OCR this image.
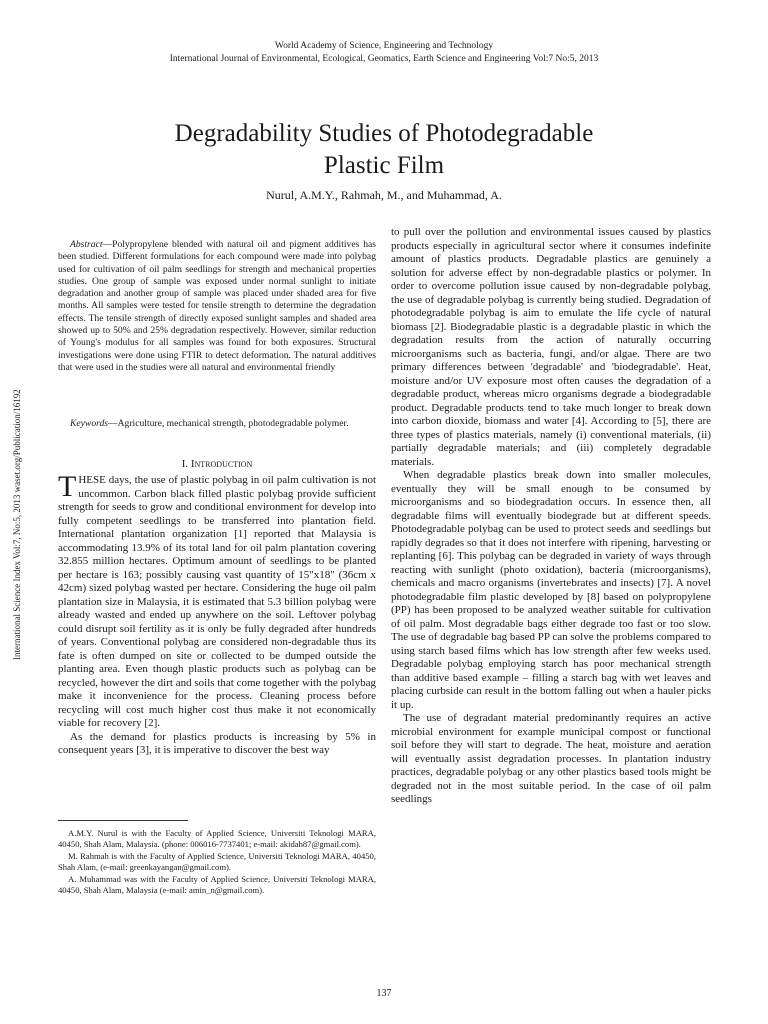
World Academy of Science, Engineering and Technology
International Journal of Environmental, Ecological, Geomatics, Earth Science and Engineering Vol:7 No:5, 2013
Degradability Studies of Photodegradable
Plastic Film
Nurul, A.M.Y., Rahmah, M., and Muhammad, A.
International Science Index Vol:7, No:5, 2013 waset.org/Publication/16192
Abstract—Polypropylene blended with natural oil and pigment additives has been studied. Different formulations for each compound were made into polybag used for cultivation of oil palm seedlings for strength and mechanical properties studies. One group of sample was exposed under normal sunlight to initiate degradation and another group of sample was placed under shaded area for five months. All samples were tested for tensile strength to determine the degradation effects. The tensile strength of directly exposed sunlight samples and shaded area showed up to 50% and 25% degradation respectively. However, similar reduction of Young's modulus for all samples was found for both exposures. Structural investigations were done using FTIR to detect deformation. The natural additives that were used in the studies were all natural and environmental friendly
Keywords—Agriculture, mechanical strength, photodegradable polymer.
I. Introduction

THESE days, the use of plastic polybag in oil palm cultivation is not uncommon. Carbon black filled plastic polybag provide sufficient strength for seeds to grow and conditional environment for develop into fully competent seedlings to be transferred into plantation field. International plantation organization [1] reported that Malaysia is accommodating 13.9% of its total land for oil palm plantation covering 32.855 million hectares. Optimum amount of seedlings to be planted per hectare is 163; possibly causing vast quantity of 15"x18" (36cm x 42cm) sized polybag wasted per hectare. Considering the huge oil palm plantation size in Malaysia, it is estimated that 5.3 billion polybag were already wasted and ended up anywhere on the soil. Leftover polybag could disrupt soil fertility as it is only be fully degraded after hundreds of years. Conventional polybag are considered non-degradable thus its fate is often dumped on site or collected to be dumped outside the planting area. Even though plastic products such as polybag can be recycled, however the dirt and soils that come together with the polybag make it inconvenience for the process. Cleaning process before recycling will cost much higher cost thus make it not economically viable for recovery [2].

As the demand for plastics products is increasing by 5% in consequent years [3], it is imperative to discover the best way

A.M.Y. Nurul is with the Faculty of Applied Science, Universiti Teknologi MARA, 40450, Shah Alam, Malaysia. (phone: 006016-7737401; e-mail: akidah87@gmail.com).

M. Rahmah is with the Faculty of Applied Science, Universiti Teknologi MARA, 40450, Shah Alam, (e-mail: greenkayangan@gmail.com).

A. Muhammad was with the Faculty of Applied Science, Universiti Teknologi MARA, 40450, Shah Alam, Malaysia (e-mail: amin_n@gmail.com).

to pull over the pollution and environmental issues caused by plastics products especially in agricultural sector where it consumes indefinite amount of plastics products. Degradable plastics are genuinely a solution for adverse effect by non-degradable plastics or polymer. In order to overcome pollution issue caused by non-degradable polybag, the use of degradable polybag is currently being studied. Degradation of photodegradable polybag is aim to emulate the life cycle of natural biomass [2]. Biodegradable plastic is a degradable plastic in which the degradation results from the action of naturally occurring microorganisms such as bacteria, fungi, and/or algae. There are two primary differences between 'degradable' and 'biodegradable'. Heat, moisture and/or UV exposure most often causes the degradation of a degradable product, whereas micro organisms degrade a biodegradable product. Degradable products tend to take much longer to break down into carbon dioxide, biomass and water [4]. According to [5], there are three types of plastics materials, namely (i) conventional materials, (ii) partially degradable materials; and (iii) completely degradable materials.

When degradable plastics break down into smaller molecules, eventually they will be small enough to be consumed by microorganisms and so biodegradation occurs. In essence then, all degradable films will eventually biodegrade but at different speeds. Photodegradable polybag can be used to protect seeds and seedlings but rapidly degrades so that it does not interfere with ripening, harvesting or replanting [6]. This polybag can be degraded in variety of ways through reacting with sunlight (photo oxidation), bacteria (microorganisms), chemicals and macro organisms (invertebrates and insects) [7]. A novel photodegradable film plastic developed by [8] based on polypropylene (PP) has been proposed to be analyzed weather suitable for cultivation of oil palm. Most degradable bags either degrade too fast or too slow. The use of degradable bag based PP can solve the problems compared to using starch based films which has low strength after few weeks used. Degradable polybag employing starch has poor mechanical strength than additive based example – filling a starch bag with wet leaves and placing curbside can result in the bottom falling out when a hauler picks it up.

The use of degradant material predominantly requires an active microbial environment for example municipal compost or functional soil before they will start to degrade. The heat, moisture and aeration will eventually assist degradation processes. In plantation industry practices, degradable polybag or any other plastics based tools might be degraded not in the most suitable period. In the case of oil palm seedlings

137
